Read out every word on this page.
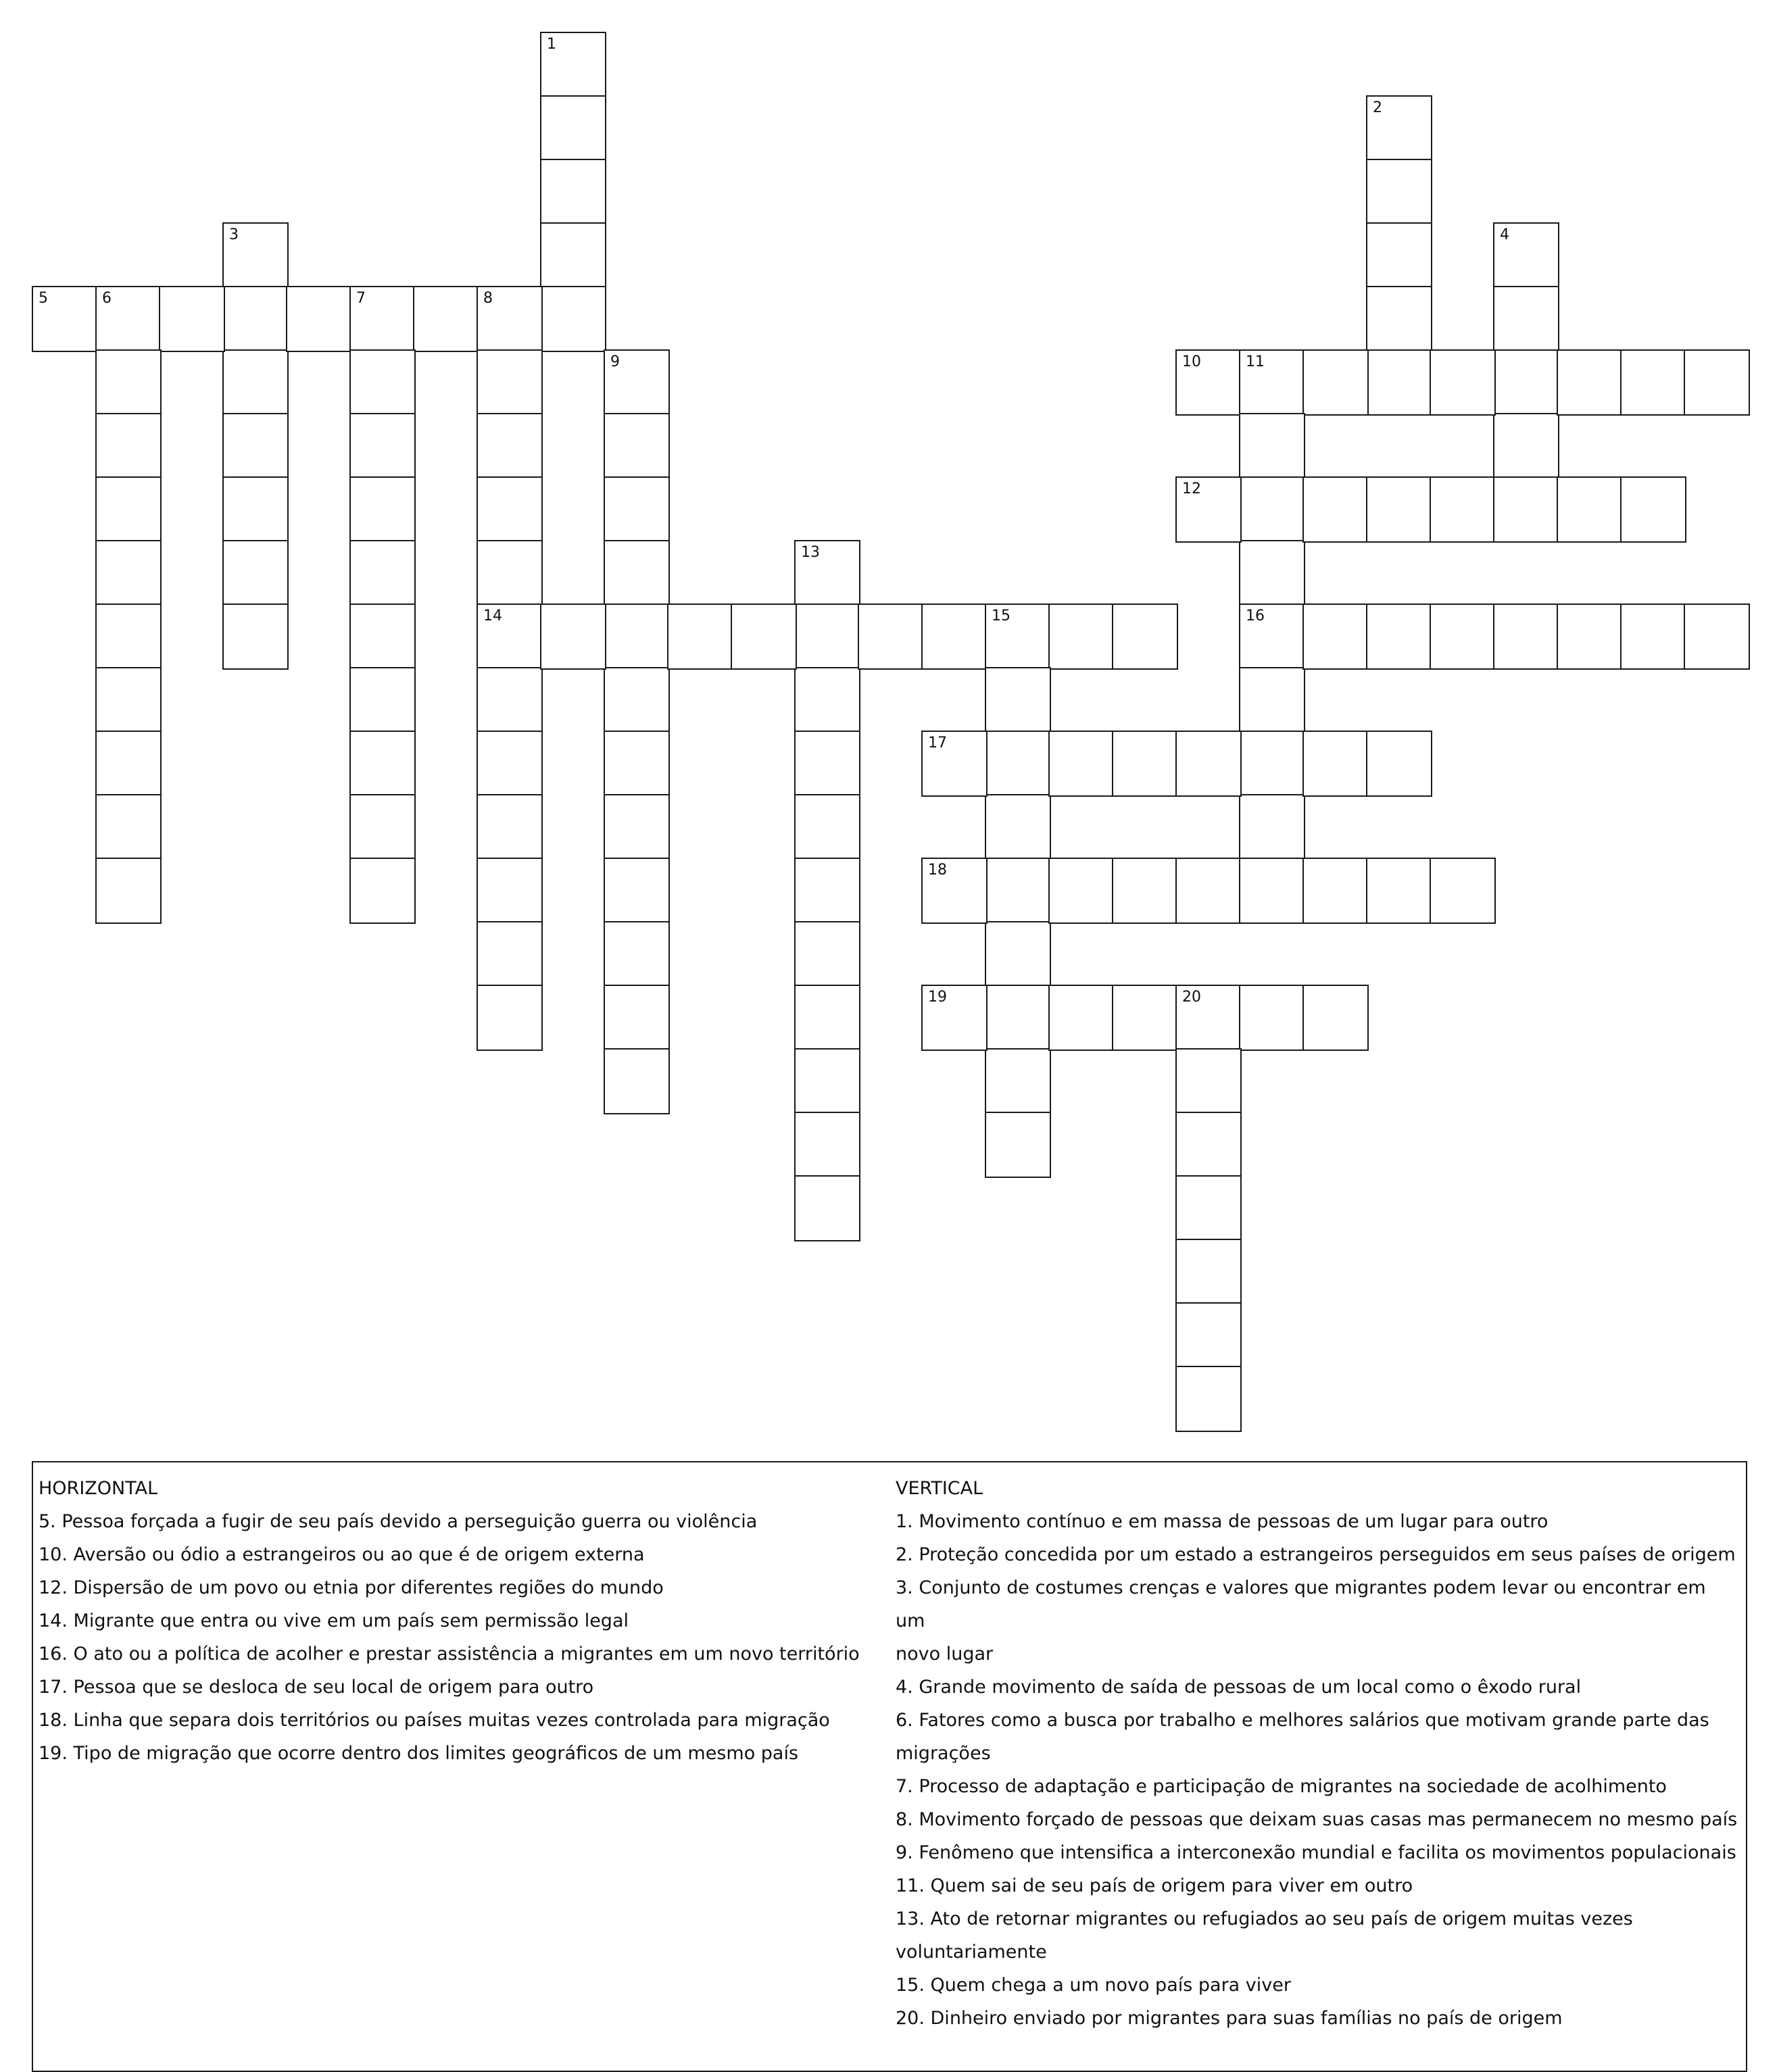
1
2
3	4
5	6	7	8
14
9	10	11
16
12
13
15
17
18
19	20

HORIZONTAL

5. Pessoa forçada a fugir de seu país devido a perseguição guerra ou violência

10. Aversão ou ódio a estrangeiros ou ao que é de origem externa

12. Dispersão de um povo ou etnia por diferentes regiões do mundo

14. Migrante que entra ou vive em um país sem permissão legal

16. O ato ou a política de acolher e prestar assistência a migrantes em um novo território

17. Pessoa que se desloca de seu local de origem para outro

18. Linha que separa dois territórios ou países muitas vezes controlada para migração

19. Tipo de migração que ocorre dentro dos limites geográficos de um mesmo país

VERTICAL

1. Movimento contínuo e em massa de pessoas de um lugar para outro

2. Proteção concedida por um estado a estrangeiros perseguidos em seus países de origem

3. Conjunto de costumes crenças e valores que migrantes podem levar ou encontrar em um

novo lugar

4. Grande movimento de saída de pessoas de um local como o êxodo rural

6. Fatores como a busca por trabalho e melhores salários que motivam grande parte das

migrações

7. Processo de adaptação e participação de migrantes na sociedade de acolhimento

8. Movimento forçado de pessoas que deixam suas casas mas permanecem no mesmo país

9. Fenômeno que intensifica a interconexão mundial e facilita os movimentos populacionais

11. Quem sai de seu país de origem para viver em outro

13. Ato de retornar migrantes ou refugiados ao seu país de origem muitas vezes

voluntariamente

15. Quem chega a um novo país para viver

20. Dinheiro enviado por migrantes para suas famílias no país de origem
